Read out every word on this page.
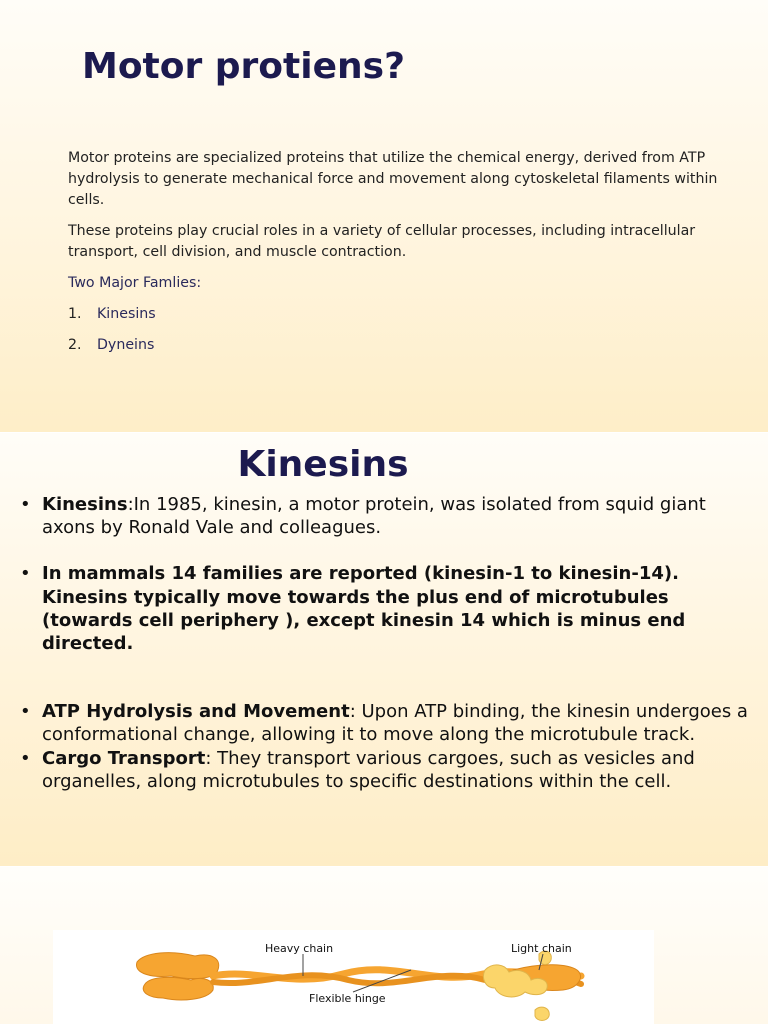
Motor protiens?

Motor proteins are specialized proteins that utilize the chemical energy, derived from ATP hydrolysis to generate mechanical force and movement along cytoskeletal filaments within cells.

These proteins play crucial roles in a variety of cellular processes, including intracellular transport, cell division, and muscle contraction.

Two Major Famlies:

1.	Kinesins
2.	Dyneins
Kinesins
• Kinesins:In 1985, kinesin, a motor protein, was isolated from squid giant axons by Ronald Vale and colleagues.
• In mammals 14 families are reported (kinesin-1 to kinesin-14). Kinesins typically move towards the plus end of microtubules (towards cell periphery ), except kinesin 14 which is minus end directed.
• ATP Hydrolysis and Movement: Upon ATP binding, the kinesin undergoes a conformational change, allowing it to move along the microtubule track.
• Cargo Transport: They transport various cargoes, such as vesicles and organelles, along microtubules to specific destinations within the cell.
Heavy chain	Light chain
Flexible hinge
